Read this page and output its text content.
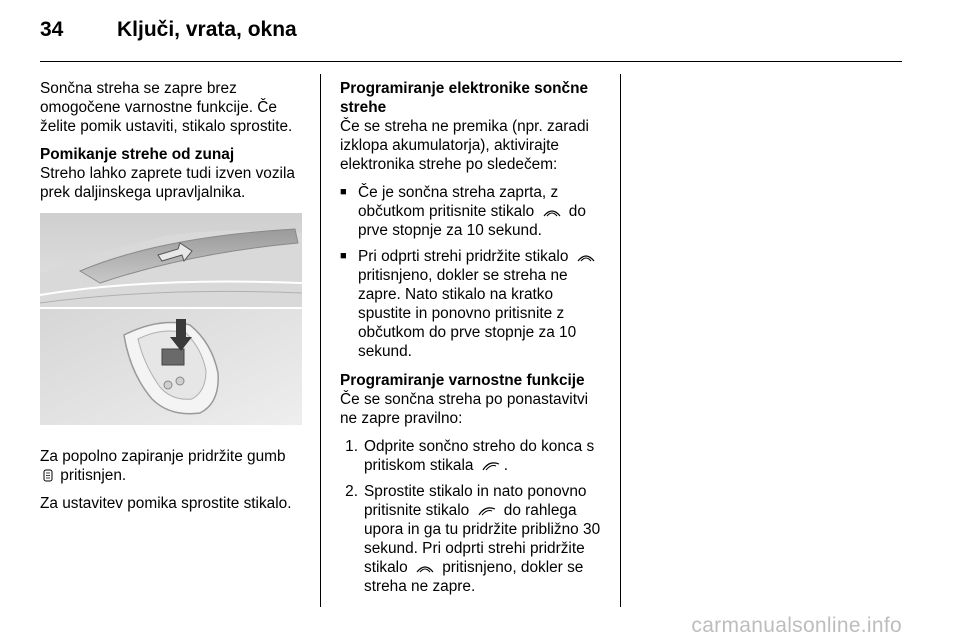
34	Ključi, vrata, okna

Sončna streha se zapre brez omogočene varnostne funkcije. Če želite pomik ustaviti, stikalo sprostite.

Pomikanje strehe od zunaj
Streho lahko zaprete tudi izven vozila prek daljinskega upravljalnika.

Za popolno zapiranje pridržite gumb  pritisnjen.

Za ustavitev pomika sprostite stikalo.

Programiranje elektronike sončne strehe
Če se streha ne premika (npr. zaradi izklopa akumulatorja), aktivirajte elektronika strehe po sledečem:

■ Če je sončna streha zaprta, z občutkom pritisnite stikalo do prve stopnje za 10 sekund.
■ Pri odprti strehi pridržite stikalo  pritisnjeno, dokler se streha ne zapre. Nato stikalo na kratko spustite in ponovno pritisnite z občutkom do prve stopnje za 10 sekund.

Programiranje varnostne funkcije
Če se sončna streha po ponastavitvi ne zapre pravilno:

1. Odprite sončno streho do konca s pritiskom stikala .
2. Sprostite stikalo in nato ponovno pritisnite stikalo do rahlega upora in ga tu pridržite približno 30 sekund. Pri odprti strehi pridržite stikalo pritisnjeno, dokler se streha ne zapre.
carmanualsonline.info
